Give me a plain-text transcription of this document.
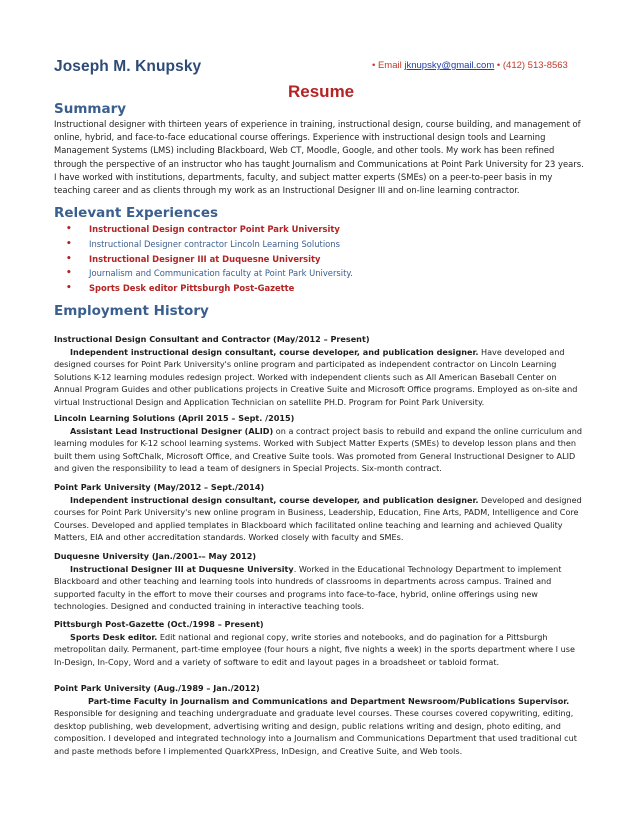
Joseph M. Knupsky	• Email jknupsky@gmail.com • (412) 513-8563
Resume
Summary
Instructional designer with thirteen years of experience in training, instructional design, course building, and management of online, hybrid, and face-to-face educational course offerings. Experience with instructional design tools and Learning Management Systems (LMS) including Blackboard, Web CT, Moodle, Google, and other tools. My work has been refined through the perspective of an instructor who has taught Journalism and Communications at Point Park University for 23 years. I have worked with institutions, departments, faculty, and subject matter experts (SMEs) on a peer-to-peer basis in my teaching career and as clients through my work as an Instructional Designer III and on-line learning contractor.
Relevant Experiences
• Instructional Design contractor Point Park University
• Instructional Designer contractor Lincoln Learning Solutions
• Instructional Designer III at Duquesne University
• Journalism and Communication faculty at Point Park University.
• Sports Desk editor Pittsburgh Post-Gazette
Employment History
Instructional Design Consultant and Contractor (May/2012 – Present)
Independent instructional design consultant, course developer, and publication designer. Have developed and designed courses for Point Park University's online program and participated as independent contractor on Lincoln Learning Solutions K-12 learning modules redesign project. Worked with independent clients such as All American Baseball Center on Annual Program Guides and other publications projects in Creative Suite and Microsoft Office programs. Employed as on-site and virtual Instructional Design and Application Technician on satellite PH.D. Program for Point Park University.
Lincoln Learning Solutions (April 2015 – Sept. /2015)
Assistant Lead Instructional Designer (ALID) on a contract project basis to rebuild and expand the online curriculum and learning modules for K-12 school learning systems. Worked with Subject Matter Experts (SMEs) to develop lesson plans and then built them using SoftChalk, Microsoft Office, and Creative Suite tools. Was promoted from General Instructional Designer to ALID and given the responsibility to lead a team of designers in Special Projects. Six-month contract.
Point Park University (May/2012 – Sept./2014)
Independent instructional design consultant, course developer, and publication designer. Developed and designed courses for Point Park University's new online program in Business, Leadership, Education, Fine Arts, PADM, Intelligence and Core Courses. Developed and applied templates in Blackboard which facilitated online teaching and learning and achieved Quality Matters, EIA and other accreditation standards. Worked closely with faculty and SMEs.
Duquesne University (Jan./2001-– May 2012)
Instructional Designer III at Duquesne University. Worked in the Educational Technology Department to implement Blackboard and other teaching and learning tools into hundreds of classrooms in departments across campus. Trained and supported faculty in the effort to move their courses and programs into face-to-face, hybrid, online offerings using new technologies. Designed and conducted training in interactive teaching tools.
Pittsburgh Post-Gazette (Oct./1998 – Present)
Sports Desk editor. Edit national and regional copy, write stories and notebooks, and do pagination for a Pittsburgh metropolitan daily. Permanent, part-time employee (four hours a night, five nights a week) in the sports department where I use In-Design, In-Copy, Word and a variety of software to edit and layout pages in a broadsheet or tabloid format.
Point Park University (Aug./1989 – Jan./2012)
Part-time Faculty in Journalism and Communications and Department Newsroom/Publications Supervisor. Responsible for designing and teaching undergraduate and graduate level courses. These courses covered copywriting, editing, desktop publishing, web development, advertising writing and design, public relations writing and design, photo editing, and composition. I developed and integrated technology into a Journalism and Communications Department that used traditional cut and paste methods before I implemented QuarkXPress, InDesign, and Creative Suite, and Web tools.
